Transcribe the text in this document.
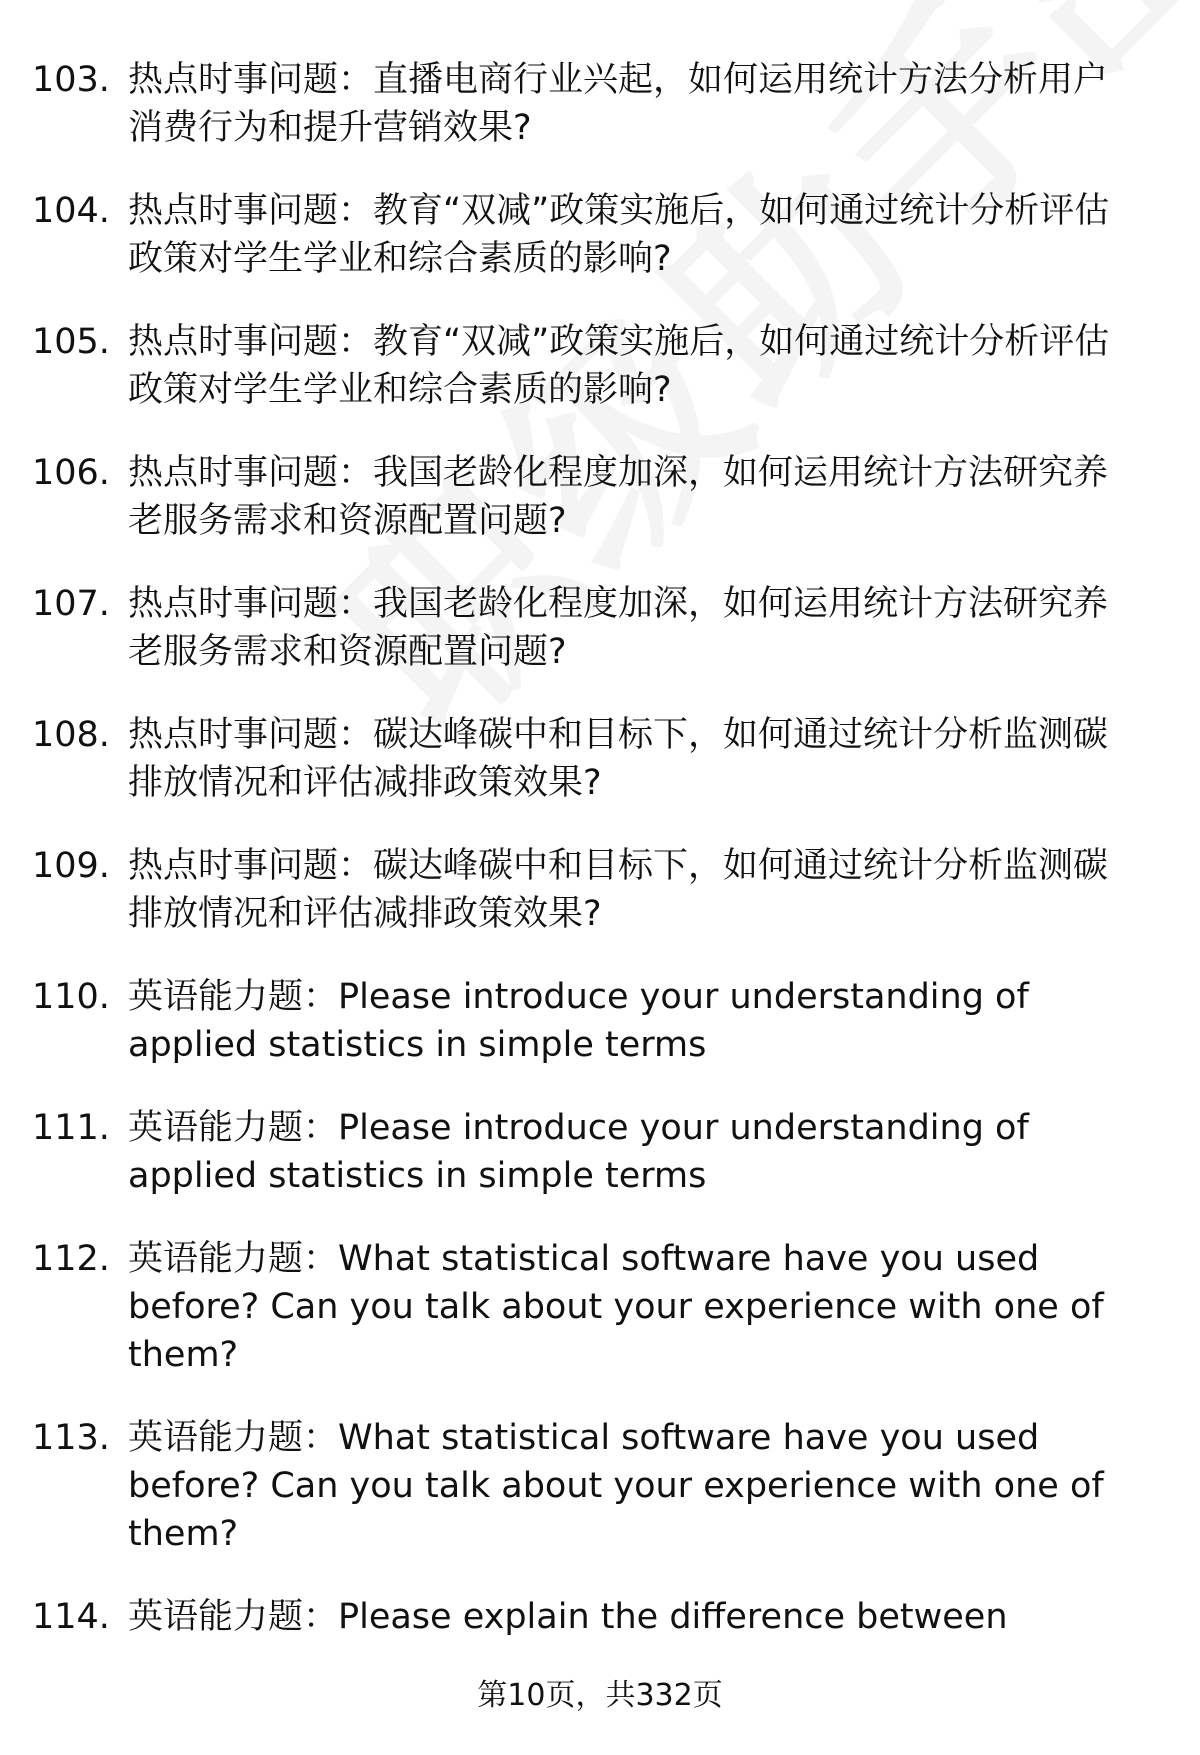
103. 热点时事问题：直播电商行业兴起，如何运用统计方法分析用户消费行为和提升营销效果?
104. 热点时事问题：教育“双减”政策实施后，如何通过统计分析评估政策对学生学业和综合素质的影响?
105. 热点时事问题：教育“双减”政策实施后，如何通过统计分析评估政策对学生学业和综合素质的影响?
106. 热点时事问题：我国老龄化程度加深，如何运用统计方法研究养老服务需求和资源配置问题?
107. 热点时事问题：我国老龄化程度加深，如何运用统计方法研究养老服务需求和资源配置问题?
108. 热点时事问题：碳达峰碳中和目标下，如何通过统计分析监测碳排放情况和评估减排政策效果?
109. 热点时事问题：碳达峰碳中和目标下，如何通过统计分析监测碳排放情况和评估减排政策效果?
110. 英语能力题：Please introduce your understanding of applied statistics in simple terms
111. 英语能力题：Please introduce your understanding of applied statistics in simple terms
112. 英语能力题：What statistical software have you used before? Can you talk about your experience with one of them?
113. 英语能力题：What statistical software have you used before? Can you talk about your experience with one of them?
114. 英语能力题：Please explain the difference between
第10页，共332页
